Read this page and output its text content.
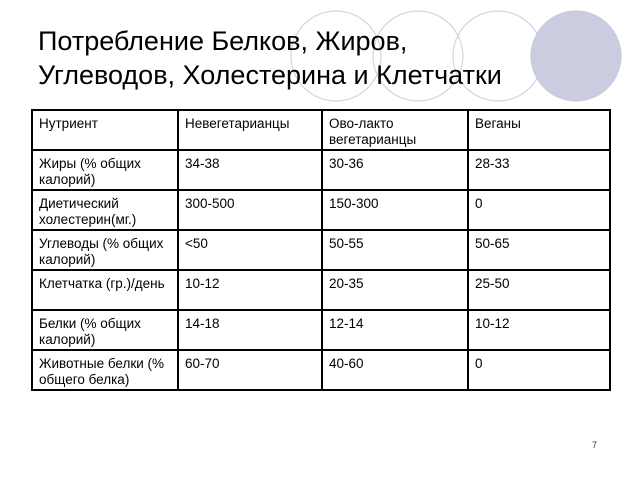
Потребление Белков, Жиров,
Углеводов, Холестерина и Клетчатки
Нутриент	Невегетарианцы	Ово-лакто вегетарианцы	Веганы
Жиры (% общих калорий)	34-38	30-36	28-33
Диетический холестерин(мг.)	300-500	150-300	0
Углеводы (% общих калорий)	<50	50-55	50-65
Клетчатка (гр.)/день	10-12	20-35	25-50
Белки (% общих калорий)	14-18	12-14	10-12
Животные белки (% общего белка)	60-70	40-60	0
7
